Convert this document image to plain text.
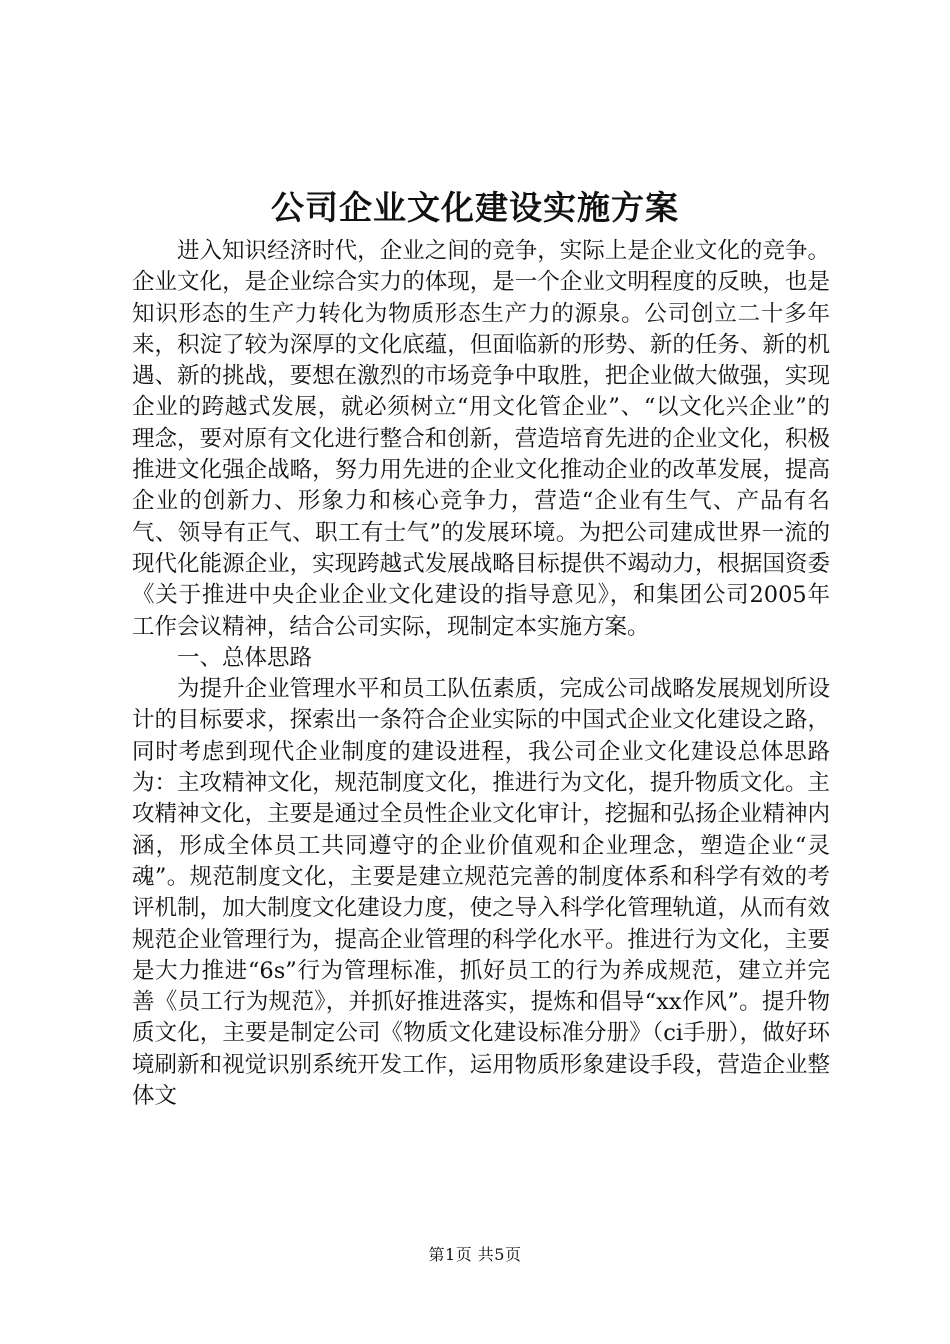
公司企业文化建设实施方案

进入知识经济时代，企业之间的竞争，实际上是企业文化的竞争。企业文化，是企业综合实力的体现，是一个企业文明程度的反映，也是知识形态的生产力转化为物质形态生产力的源泉。公司创立二十多年来，积淀了较为深厚的文化底蕴，但面临新的形势、新的任务、新的机遇、新的挑战，要想在激烈的市场竞争中取胜，把企业做大做强，实现企业的跨越式发展，就必须树立“用文化管企业”、“以文化兴企业”的理念，要对原有文化进行整合和创新，营造培育先进的企业文化，积极推进文化强企战略，努力用先进的企业文化推动企业的改革发展，提高企业的创新力、形象力和核心竞争力，营造“企业有生气、产品有名气、领导有正气、职工有士气”的发展环境。为把公司建成世界一流的现代化能源企业，实现跨越式发展战略目标提供不竭动力，根据国资委《关于推进中央企业企业文化建设的指导意见》，和集团公司2005年工作会议精神，结合公司实际，现制定本实施方案。

一、总体思路

为提升企业管理水平和员工队伍素质，完成公司战略发展规划所设计的目标要求，探索出一条符合企业实际的中国式企业文化建设之路，同时考虑到现代企业制度的建设进程，我公司企业文化建设总体思路为：主攻精神文化，规范制度文化，推进行为文化，提升物质文化。主攻精神文化，主要是通过全员性企业文化审计，挖掘和弘扬企业精神内涵，形成全体员工共同遵守的企业价值观和企业理念，塑造企业“灵魂”。规范制度文化，主要是建立规范完善的制度体系和科学有效的考评机制，加大制度文化建设力度，使之导入科学化管理轨道，从而有效规范企业管理行为，提高企业管理的科学化水平。推进行为文化，主要是大力推进“6s”行为管理标准，抓好员工的行为养成规范，建立并完善《员工行为规范》，并抓好推进落实，提炼和倡导“xx作风”。提升物质文化，主要是制定公司《物质文化建设标准分册》（ci手册），做好环境刷新和视觉识别系统开发工作，运用物质形象建设手段，营造企业整体文

第1页 共5页
